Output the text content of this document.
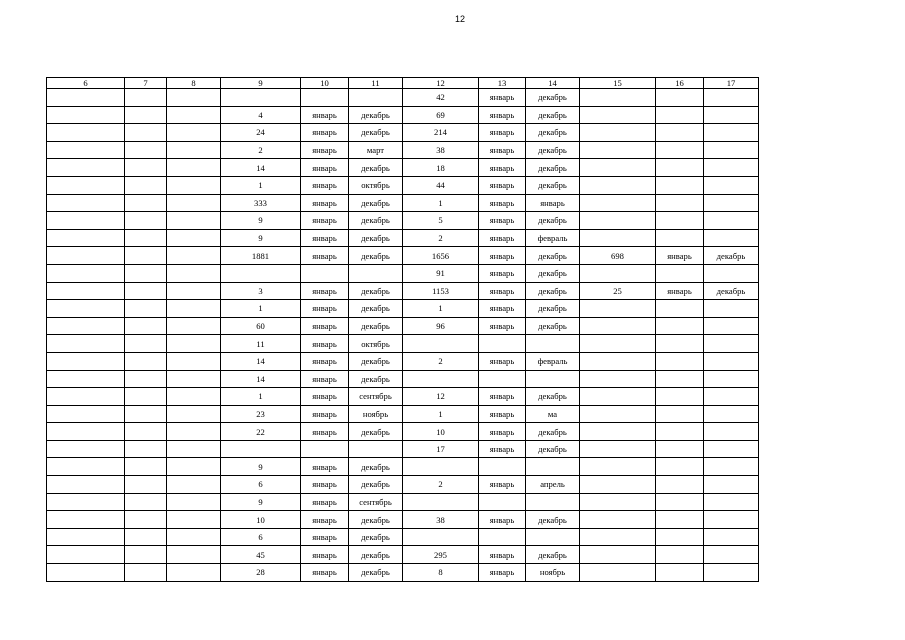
12
6	7	8	9	10	11	12	13	14	15	16	17
						42	январь	декабрь			
			4	январь	декабрь	69	январь	декабрь			
			24	январь	декабрь	214	январь	декабрь			
			2	январь	март	38	январь	декабрь			
			14	январь	декабрь	18	январь	декабрь			
			1	январь	октябрь	44	январь	декабрь			
			333	январь	декабрь	1	январь	январь			
			9	январь	декабрь	5	январь	декабрь			
			9	январь	декабрь	2	январь	февраль			
			1881	январь	декабрь	1656	январь	декабрь	698	январь	декабрь
						91	январь	декабрь			
			3	январь	декабрь	1153	январь	декабрь	25	январь	декабрь
			1	январь	декабрь	1	январь	декабрь			
			60	январь	декабрь	96	январь	декабрь			
			11	январь	октябрь						
			14	январь	декабрь	2	январь	февраль			
			14	январь	декабрь						
			1	январь	сентябрь	12	январь	декабрь			
			23	январь	ноябрь	1	январь	ма			
			22	январь	декабрь	10	январь	декабрь			
						17	январь	декабрь			
			9	январь	декабрь						
			6	январь	декабрь	2	январь	апрель			
			9	январь	сентябрь						
			10	январь	декабрь	38	январь	декабрь			
			6	январь	декабрь						
			45	январь	декабрь	295	январь	декабрь			
			28	январь	декабрь	8	январь	ноябрь			
